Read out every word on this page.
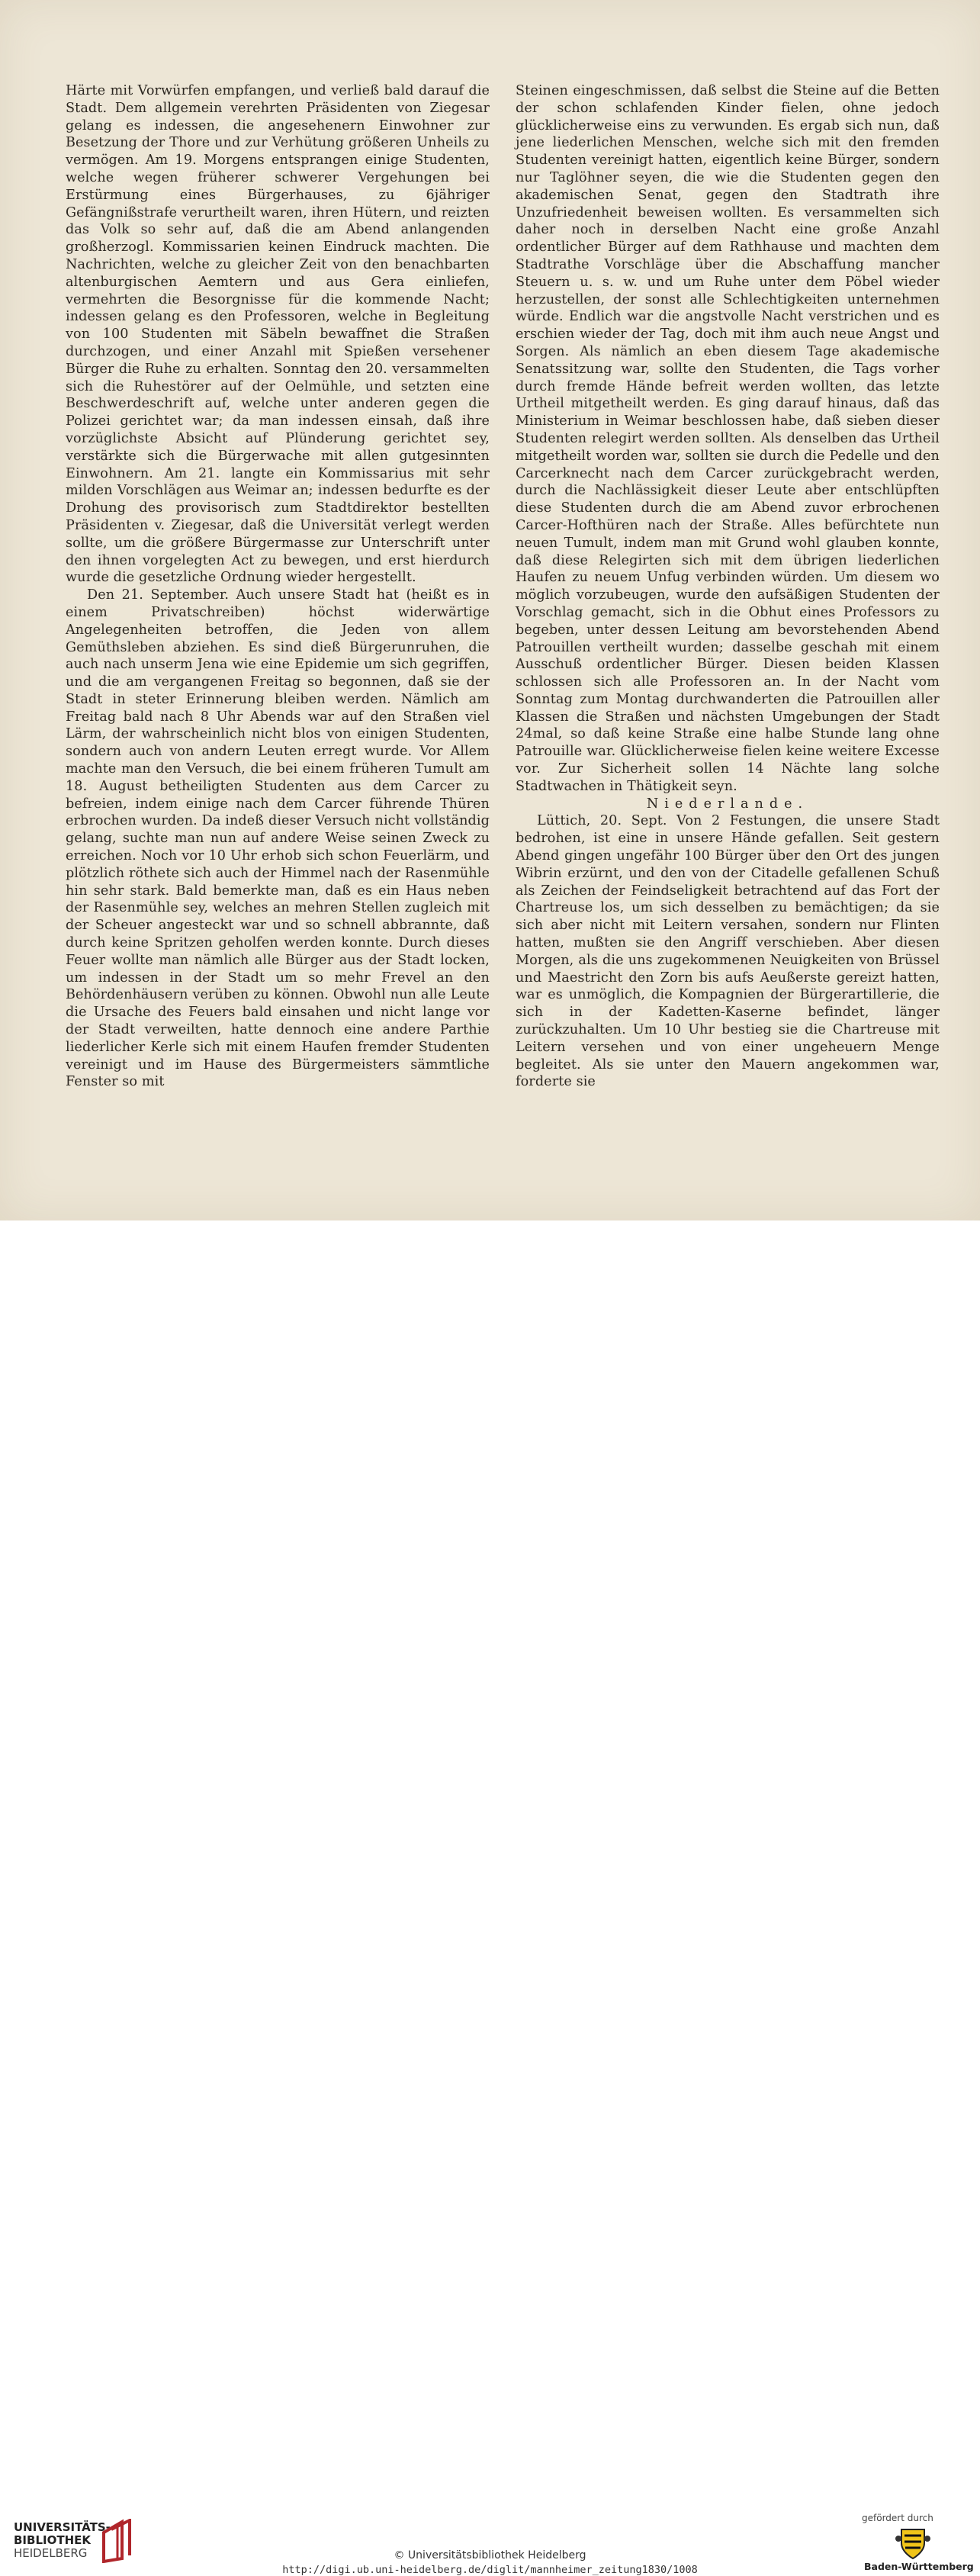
Härte mit Vorwürfen empfangen, und verließ bald darauf die Stadt. Dem allgemein verehrten Präsidenten von Ziegesar gelang es indessen, die angesehenern Einwohner zur Besetzung der Thore und zur Verhütung größeren Unheils zu vermögen. Am 19. Morgens entsprangen einige Studenten, welche wegen früherer schwerer Vergehungen bei Erstürmung eines Bürgerhauses, zu 6jähriger Gefängnißstrafe verurtheilt waren, ihren Hütern, und reizten das Volk so sehr auf, daß die am Abend anlangenden großherzogl. Kommissarien keinen Eindruck machten. Die Nachrichten, welche zu gleicher Zeit von den benachbarten altenburgischen Aemtern und aus Gera einliefen, vermehrten die Besorgnisse für die kommende Nacht; indessen gelang es den Professoren, welche in Begleitung von 100 Studenten mit Säbeln bewaffnet die Straßen durchzogen, und einer Anzahl mit Spießen versehener Bürger die Ruhe zu erhalten. Sonntag den 20. versammelten sich die Ruhestörer auf der Oelmühle, und setzten eine Beschwerdeschrift auf, welche unter anderen gegen die Polizei gerichtet war; da man indessen einsah, daß ihre vorzüglichste Absicht auf Plünderung gerichtet sey, verstärkte sich die Bürgerwache mit allen gutgesinnten Einwohnern. Am 21. langte ein Kommissarius mit sehr milden Vorschlägen aus Weimar an; indessen bedurfte es der Drohung des provisorisch zum Stadtdirektor bestellten Präsidenten v. Ziegesar, daß die Universität verlegt werden sollte, um die größere Bürgermasse zur Unterschrift unter den ihnen vorgelegten Act zu bewegen, und erst hierdurch wurde die gesetzliche Ordnung wieder hergestellt.

Den 21. September. Auch unsere Stadt hat (heißt es in einem Privatschreiben) höchst widerwärtige Angelegenheiten betroffen, die Jeden von allem Gemüthsleben abziehen. Es sind dieß Bürgerunruhen, die auch nach unserm Jena wie eine Epidemie um sich gegriffen, und die am vergangenen Freitag so begonnen, daß sie der Stadt in steter Erinnerung bleiben werden. Nämlich am Freitag bald nach 8 Uhr Abends war auf den Straßen viel Lärm, der wahrscheinlich nicht blos von einigen Studenten, sondern auch von andern Leuten erregt wurde. Vor Allem machte man den Versuch, die bei einem früheren Tumult am 18. August betheiligten Studenten aus dem Carcer zu befreien, indem einige nach dem Carcer führende Thüren erbrochen wurden. Da indeß dieser Versuch nicht vollständig gelang, suchte man nun auf andere Weise seinen Zweck zu erreichen. Noch vor 10 Uhr erhob sich schon Feuerlärm, und plötzlich röthete sich auch der Himmel nach der Rasenmühle hin sehr stark. Bald bemerkte man, daß es ein Haus neben der Rasenmühle sey, welches an mehren Stellen zugleich mit der Scheuer angesteckt war und so schnell abbrannte, daß durch keine Spritzen geholfen werden konnte. Durch dieses Feuer wollte man nämlich alle Bürger aus der Stadt locken, um indessen in der Stadt um so mehr Frevel an den Behördenhäusern verüben zu können. Obwohl nun alle Leute die Ursache des Feuers bald einsahen und nicht lange vor der Stadt verweilten, hatte dennoch eine andere Parthie liederlicher Kerle sich mit einem Haufen fremder Studenten vereinigt und im Hause des Bürgermeisters sämmtliche Fenster so mit

Steinen eingeschmissen, daß selbst die Steine auf die Betten der schon schlafenden Kinder fielen, ohne jedoch glücklicherweise eins zu verwunden. Es ergab sich nun, daß jene liederlichen Menschen, welche sich mit den fremden Studenten vereinigt hatten, eigentlich keine Bürger, sondern nur Taglöhner seyen, die wie die Studenten gegen den akademischen Senat, gegen den Stadtrath ihre Unzufriedenheit beweisen wollten. Es versammelten sich daher noch in derselben Nacht eine große Anzahl ordentlicher Bürger auf dem Rathhause und machten dem Stadtrathe Vorschläge über die Abschaffung mancher Steuern u. s. w. und um Ruhe unter dem Pöbel wieder herzustellen, der sonst alle Schlechtigkeiten unternehmen würde. Endlich war die angstvolle Nacht verstrichen und es erschien wieder der Tag, doch mit ihm auch neue Angst und Sorgen. Als nämlich an eben diesem Tage akademische Senatssitzung war, sollte den Studenten, die Tags vorher durch fremde Hände befreit werden wollten, das letzte Urtheil mitgetheilt werden. Es ging darauf hinaus, daß das Ministerium in Weimar beschlossen habe, daß sieben dieser Studenten relegirt werden sollten. Als denselben das Urtheil mitgetheilt worden war, sollten sie durch die Pedelle und den Carcerknecht nach dem Carcer zurückgebracht werden, durch die Nachlässigkeit dieser Leute aber entschlüpften diese Studenten durch die am Abend zuvor erbrochenen Carcer-Hofthüren nach der Straße. Alles befürchtete nun neuen Tumult, indem man mit Grund wohl glauben konnte, daß diese Relegirten sich mit dem übrigen liederlichen Haufen zu neuem Unfug verbinden würden. Um diesem wo möglich vorzubeugen, wurde den aufsäßigen Studenten der Vorschlag gemacht, sich in die Obhut eines Professors zu begeben, unter dessen Leitung am bevorstehenden Abend Patrouillen vertheilt wurden; dasselbe geschah mit einem Ausschuß ordentlicher Bürger. Diesen beiden Klassen schlossen sich alle Professoren an. In der Nacht vom Sonntag zum Montag durchwanderten die Patrouillen aller Klassen die Straßen und nächsten Umgebungen der Stadt 24mal, so daß keine Straße eine halbe Stunde lang ohne Patrouille war. Glücklicherweise fielen keine weitere Excesse vor. Zur Sicherheit sollen 14 Nächte lang solche Stadtwachen in Thätigkeit seyn.

Niederlande.

Lüttich, 20. Sept. Von 2 Festungen, die unsere Stadt bedrohen, ist eine in unsere Hände gefallen. Seit gestern Abend gingen ungefähr 100 Bürger über den Ort des jungen Wibrin erzürnt, und den von der Citadelle gefallenen Schuß als Zeichen der Feindseligkeit betrachtend auf das Fort der Chartreuse los, um sich desselben zu bemächtigen; da sie sich aber nicht mit Leitern versahen, sondern nur Flinten hatten, mußten sie den Angriff verschieben. Aber diesen Morgen, als die uns zugekommenen Neuigkeiten von Brüssel und Maestricht den Zorn bis aufs Aeußerste gereizt hatten, war es unmöglich, die Kompagnien der Bürgerartillerie, die sich in der Kadetten-Kaserne befindet, länger zurückzuhalten. Um 10 Uhr bestieg sie die Chartreuse mit Leitern versehen und von einer ungeheuern Menge begleitet. Als sie unter den Mauern angekommen war, forderte sie

UNIVERSITÄTS-
BIBLIOTHEK
HEIDELBERG	© Universitätsbibliothek Heidelberg
http://digi.ub.uni-heidelberg.de/diglit/mannheimer_zeitung1830/1008
gefördert durch
Baden-Württemberg
